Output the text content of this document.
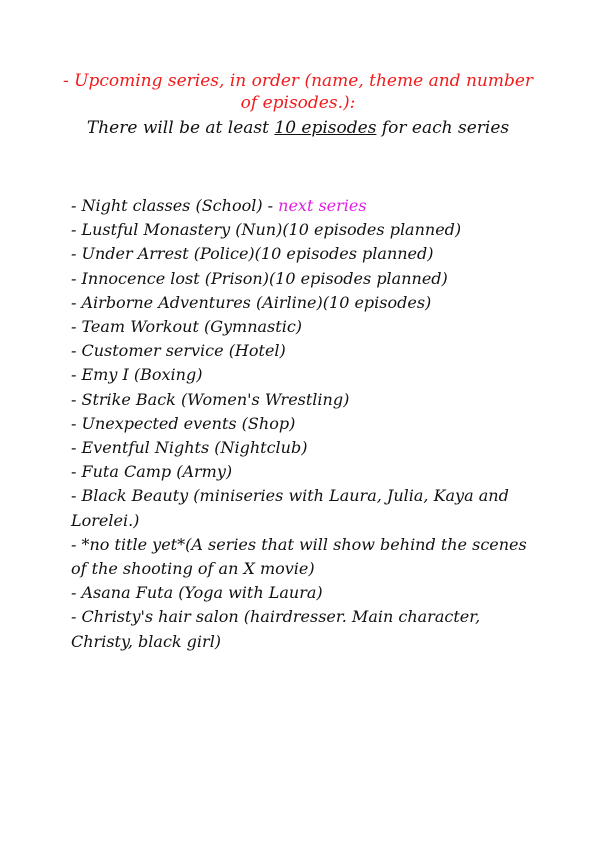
- Upcoming series, in order (name, theme and number of episodes.):
There will be at least 10 episodes for each series

- Night classes (School) - next series

- Lustful Monastery (Nun)(10 episodes planned)

- Under Arrest (Police)(10 episodes planned)

- Innocence lost (Prison)(10 episodes planned)

- Airborne Adventures (Airline)(10 episodes)

- Team Workout (Gymnastic)

- Customer service (Hotel)

- Emy I (Boxing)

- Strike Back (Women's Wrestling)

- Unexpected events (Shop)

- Eventful Nights (Nightclub)

- Futa Camp (Army)

- Black Beauty (miniseries with Laura, Julia, Kaya and Lorelei.)

- *no title yet*(A series that will show behind the scenes of the shooting of an X movie)

- Asana Futa (Yoga with Laura)

- Christy's hair salon (hairdresser. Main character, Christy, black girl)
